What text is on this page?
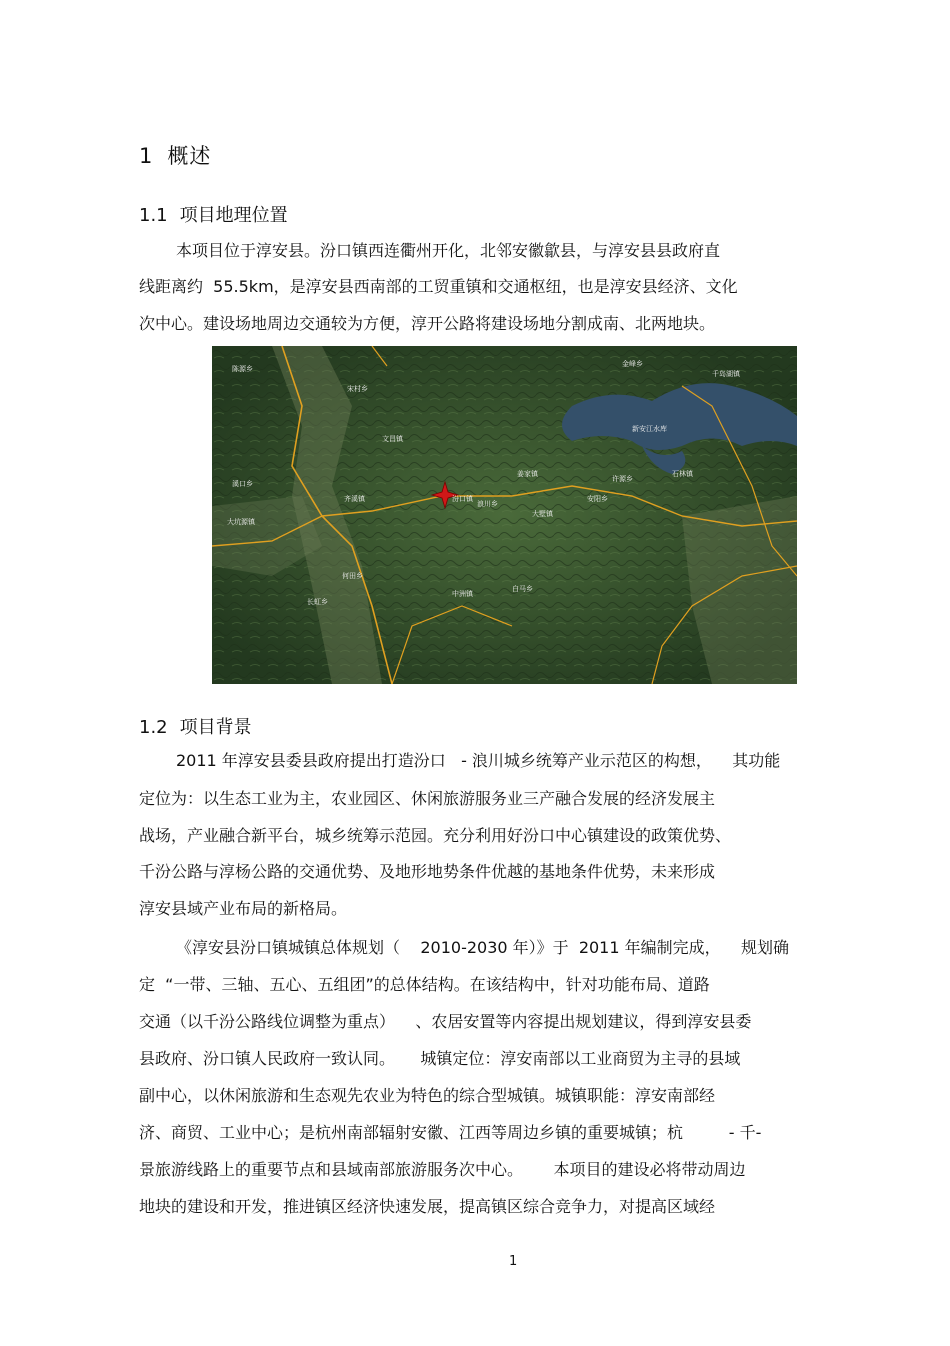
1 概述
1.1 项目地理位置
本项目位于淳安县。汾口镇西连衢州开化，北邻安徽歙县，与淳安县县政府直
线距离约  55.5km，是淳安县西南部的工贸重镇和交通枢纽，也是淳安县经济、文化
次中心。建设场地周边交通较为方便，淳开公路将建设场地分割成南、北两地块。
陈源乡
宋村乡
溪口乡
长虹乡
何田乡
齐溪镇
大坑源镇
千岛湖镇
新安江水库
许源乡
大墅镇
石林镇
文昌镇
中洲镇
浪川乡
姜家镇
安阳乡
白马乡
金峰乡
汾口镇
1.2 项目背景
2011 年淳安县委县政府提出打造汾口   - 浪川城乡统筹产业示范区的构想，    其功能
定位为：以生态工业为主，农业园区、休闲旅游服务业三产融合发展的经济发展主
战场，产业融合新平台，城乡统筹示范园。充分利用好汾口中心镇建设的政策优势、
千汾公路与淳杨公路的交通优势、及地形地势条件优越的基地条件优势，未来形成
淳安县域产业布局的新格局。
《淳安县汾口镇城镇总体规划（    2010-2030 年）》于  2011 年编制完成，    规划确
定  “一带、三轴、五心、五组团”的总体结构。在该结构中，针对功能布局、道路
交通（以千汾公路线位调整为重点）    、农居安置等内容提出规划建议，得到淳安县委
县政府、汾口镇人民政府一致认同。     城镇定位：淳安南部以工业商贸为主寻的县域
副中心，以休闲旅游和生态观先农业为特色的综合型城镇。城镇职能：淳安南部经
济、商贸、工业中心；是杭州南部辐射安徽、江西等周边乡镇的重要城镇；杭         - 千-
景旅游线路上的重要节点和县域南部旅游服务次中心。      本项目的建设必将带动周边
地块的建设和开发，推进镇区经济快速发展，提高镇区综合竞争力，对提高区域经
1
